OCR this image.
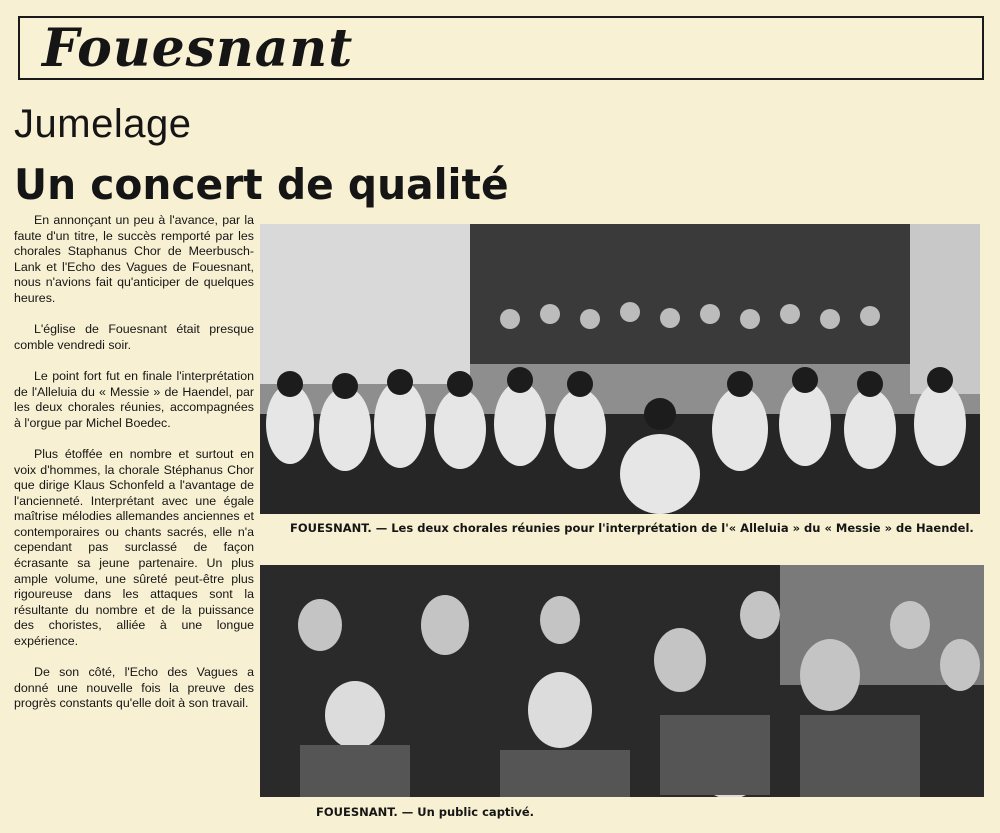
Fouesnant
Jumelage
Un concert de qualité

En annonçant un peu à l'avance, par la faute d'un titre, le succès remporté par les chorales Staphanus Chor de Meerbusch-Lank et l'Echo des Vagues de Fouesnant, nous n'avions fait qu'anticiper de quelques heures.

L'église de Fouesnant était presque comble vendredi soir.

Le point fort fut en finale l'interprétation de l'Alleluia du « Messie » de Haendel, par les deux chorales réunies, accompagnées à l'orgue par Michel Boedec.

Plus étoffée en nombre et surtout en voix d'hommes, la chorale Stéphanus Chor que dirige Klaus Schonfeld a l'avantage de l'ancienneté. Interprétant avec une égale maîtrise mélodies allemandes anciennes et contemporaires ou chants sacrés, elle n'a cependant pas surclassé de façon écrasante sa jeune partenaire. Un plus ample volume, une sûreté peut-être plus rigoureuse dans les attaques sont la résultante du nombre et de la puissance des choristes, alliée à une longue expérience.

De son côté, l'Echo des Vagues a donné une nouvelle fois la preuve des progrès constants qu'elle doit à son travail.

FOUESNANT. — Les deux chorales réunies pour l'interprétation de l'« Alleluia » du « Messie » de Haendel.
FOUESNANT. — Un public captivé.
